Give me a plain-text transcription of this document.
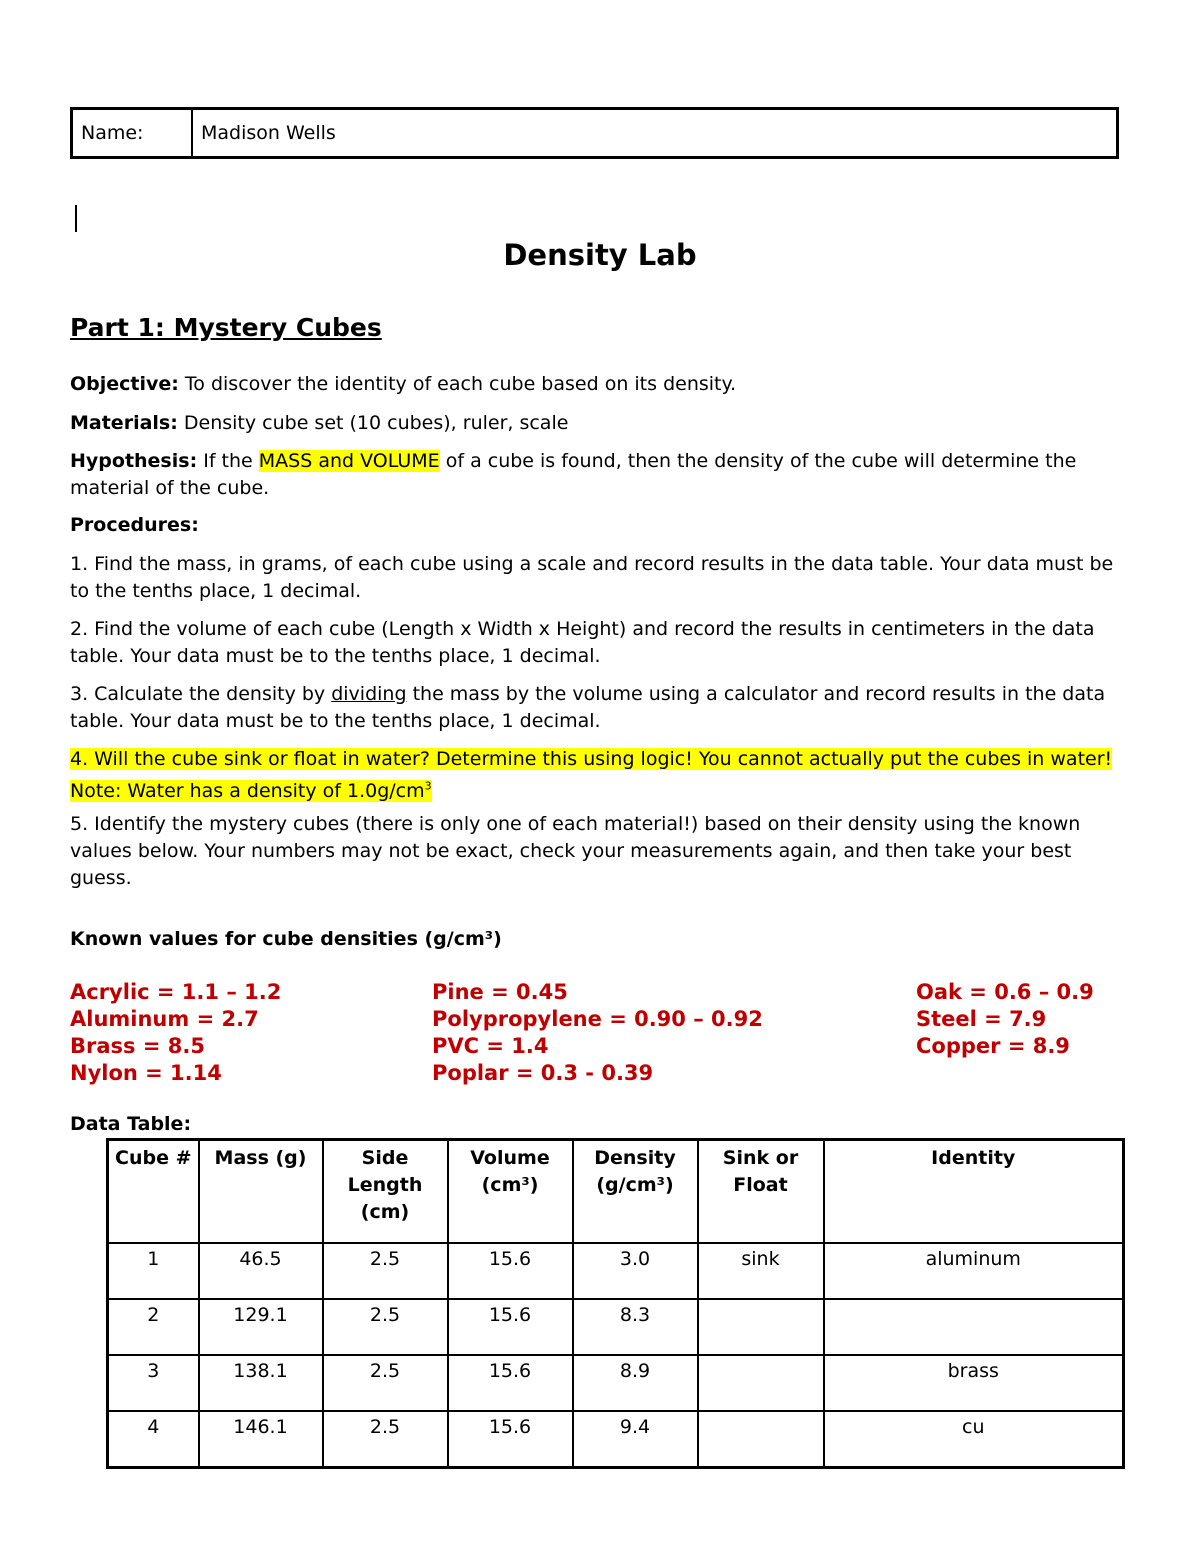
Name:	Madison Wells
Density Lab
Part 1: Mystery Cubes
Objective: To discover the identity of each cube based on its density.
Materials: Density cube set (10 cubes), ruler, scale
Hypothesis: If the MASS and VOLUME of a cube is found, then the density of the cube will determine the material of the cube.
Procedures:
1. Find the mass, in grams, of each cube using a scale and record results in the data table. Your data must be to the tenths place, 1 decimal.
2. Find the volume of each cube (Length x Width x Height) and record the results in centimeters in the data table. Your data must be to the tenths place, 1 decimal.
3. Calculate the density by dividing the mass by the volume using a calculator and record results in the data table. Your data must be to the tenths place, 1 decimal.
4. Will the cube sink or float in water? Determine this using logic! You cannot actually put the cubes in water!
Note: Water has a density of $1.0g/cm^3$
5. Identify the mystery cubes (there is only one of each material!) based on their density using the known values below. Your numbers may not be exact, check your measurements again, and then take your best guess.
Known values for cube densities (g/cm³)
Acrylic = 1.1 – 1.2
Aluminum = 2.7
Brass = 8.5
Nylon = 1.14
Pine = 0.45
Polypropylene = 0.90 – 0.92
PVC = 1.4
Poplar = 0.3 - 0.39
Oak = 0.6 – 0.9
Steel = 7.9
Copper = 8.9
Data Table:
Cube #	Mass (g)	Side Length (cm)	Volume (cm³)	Density (g/cm³)	Sink or Float	Identity
1	46.5	2.5	15.6	3.0	sink	aluminum
2	129.1	2.5	15.6	8.3		
3	138.1	2.5	15.6	8.9		brass
4	146.1	2.5	15.6	9.4		cu
